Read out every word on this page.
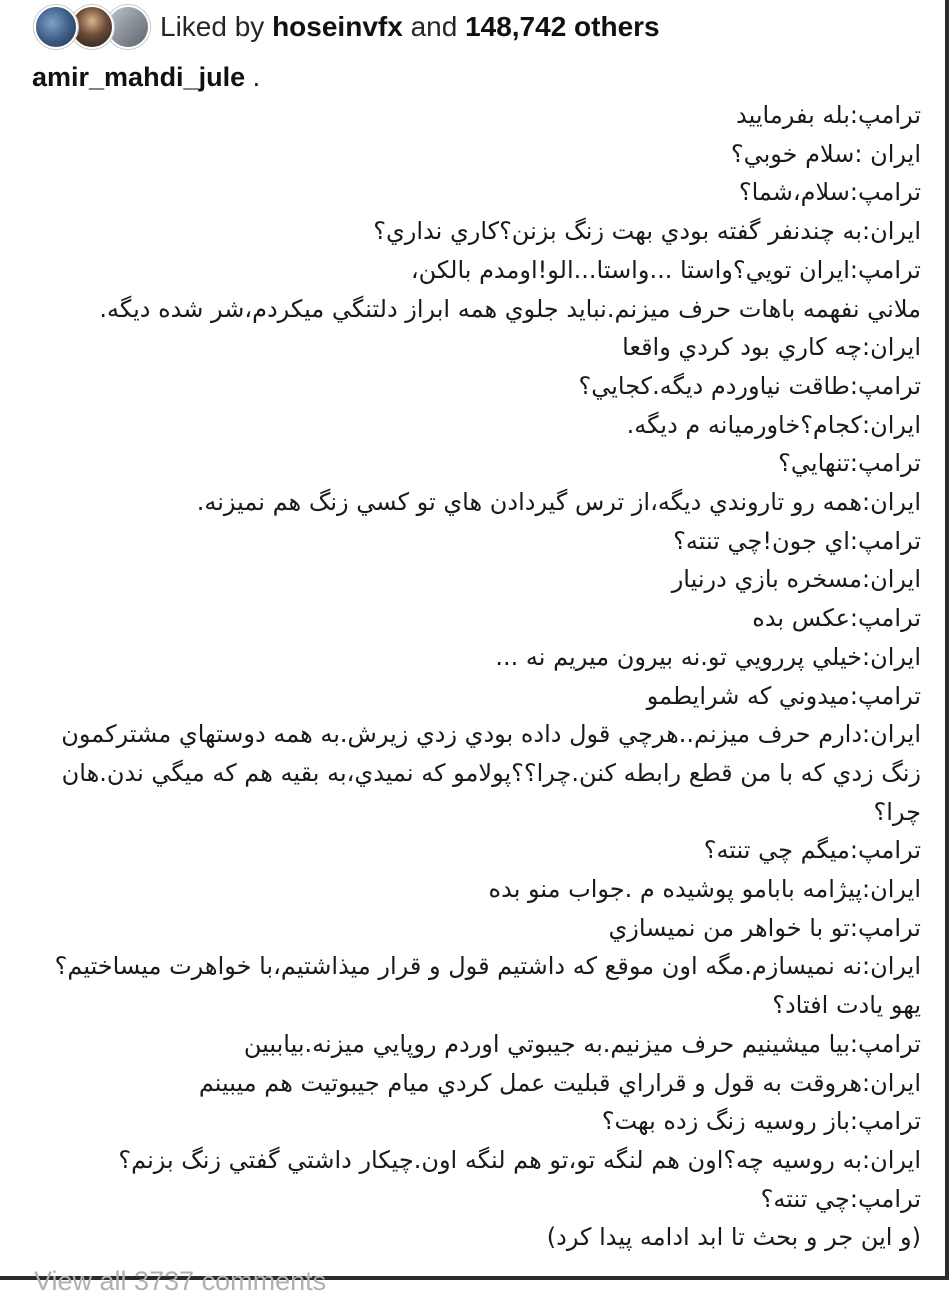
Liked by hoseinvfx and 148,742 others
amir_mahdi_jule .
ترامپ:بله بفرماييد
ايران :سلام خوبي؟
ترامپ:سلام،شما؟
ايران:به چندنفر گفته بودي بهت زنگ بزنن؟كاري نداري؟
ترامپ:ايران تويي؟واستا ...واستا...الو!اومدم بالكن،
ملاني نفهمه باهات حرف ميزنم.نبايد جلوي همه ابراز دلتنگي ميكردم،شر شده ديگه.
ايران:چه كاري بود كردي واقعا
ترامپ:طاقت نياوردم ديگه.كجايي؟
ايران:كجام؟خاورميانه م ديگه.
ترامپ:تنهايي؟
ايران:همه رو تاروندي ديگه،از ترس گيردادن هاي تو كسي زنگ هم نميزنه.
ترامپ:اي جون!چي تنته؟
ايران:مسخره بازي درنيار
ترامپ:عكس بده
ايران:خيلي پررويي تو.نه بيرون ميريم نه ...
ترامپ:ميدوني كه شرايطمو
ايران:دارم حرف ميزنم..هرچي قول داده بودي زدي زيرش.به همه دوستهاي مشتركمون زنگ زدي كه با من قطع رابطه كنن.چرا؟؟پولامو كه نميدي،به بقيه هم كه ميگي ندن.هان چرا؟
ترامپ:ميگم چي تنته؟
ايران:پيژامه بابامو پوشيده م .جواب منو بده
ترامپ:تو با خواهر من نميسازي
ايران:نه نميسازم.مگه اون موقع كه داشتيم قول و قرار ميذاشتيم،با خواهرت ميساختيم؟يهو يادت افتاد؟
ترامپ:بيا ميشينيم حرف ميزنيم.به جيبوتي اوردم روپايي ميزنه.بياببين
ايران:هروقت به قول و قراراي قبليت عمل كردي ميام جيبوتيت هم ميبينم
ترامپ:باز روسيه زنگ زده بهت؟
ايران:به روسيه چه؟اون هم لنگه تو،تو هم لنگه اون.چيكار داشتي گفتي زنگ بزنم؟
ترامپ:چي تنته؟
(و اين جر و بحث تا ابد ادامه پيدا كرد)
View all 3737 comments
